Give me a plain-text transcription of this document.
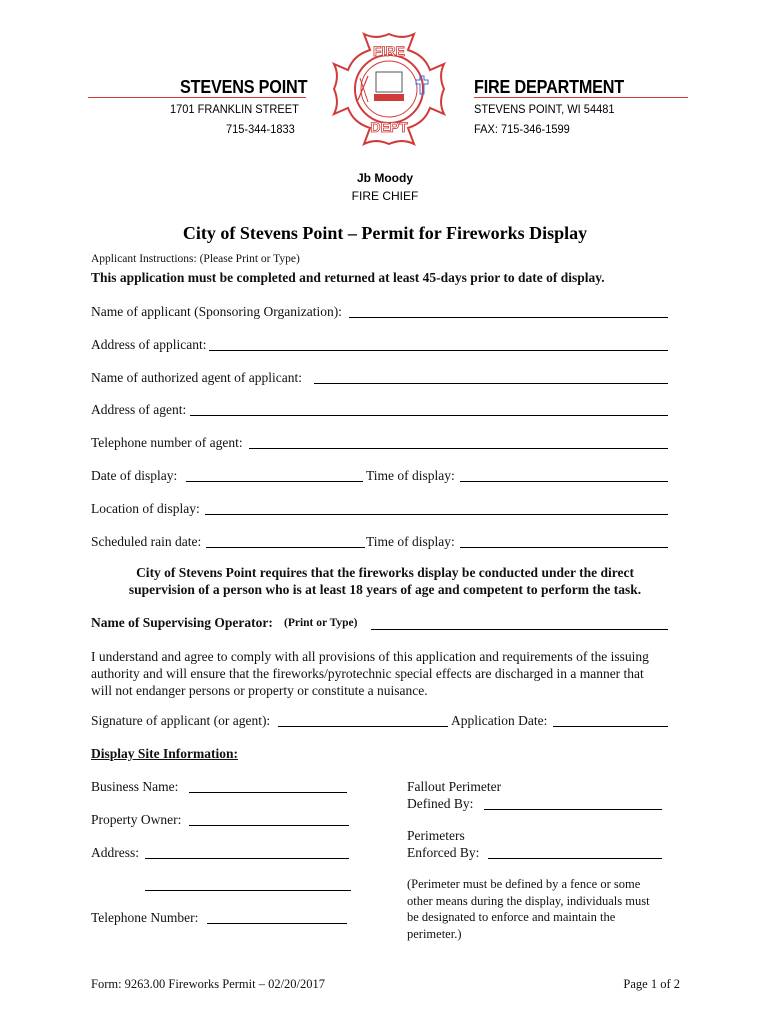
STEVENS POINT
1701 FRANKLIN STREET
715-344-1833
FIRE DEPARTMENT
STEVENS POINT, WI 54481
FAX: 715-346-1599
FIRE
DEPT
Jb Moody
FIRE CHIEF
City of Stevens Point – Permit for Fireworks Display
Applicant Instructions: (Please Print or Type)
This application must be completed and returned at least 45-days prior to date of display.
Name of applicant (Sponsoring Organization):
Address of applicant:
Name of authorized agent of applicant:
Address of agent:
Telephone number of agent:
Date of display:	Time of display:
Location of display:
Scheduled rain date:	Time of display:
City of Stevens Point requires that the fireworks display be conducted under the direct
supervision of a person who is at least 18 years of age and competent to perform the task.
Name of Supervising Operator: (Print or Type)
I understand and agree to comply with all provisions of this application and requirements of the issuing
authority and will ensure that the fireworks/pyrotechnic special effects are discharged in a manner that
will not endanger persons or property or constitute a nuisance.
Signature of applicant (or agent):	Application Date:
Display Site Information:
Business Name:
Property Owner:
Address:
Telephone Number:
Fallout Perimeter
Defined By:
Perimeters
Enforced By:
(Perimeter must be defined by a fence or some
other means during the display, individuals must
be designated to enforce and maintain the
perimeter.)
Form: 9263.00 Fireworks Permit – 02/20/2017	Page 1 of 2
